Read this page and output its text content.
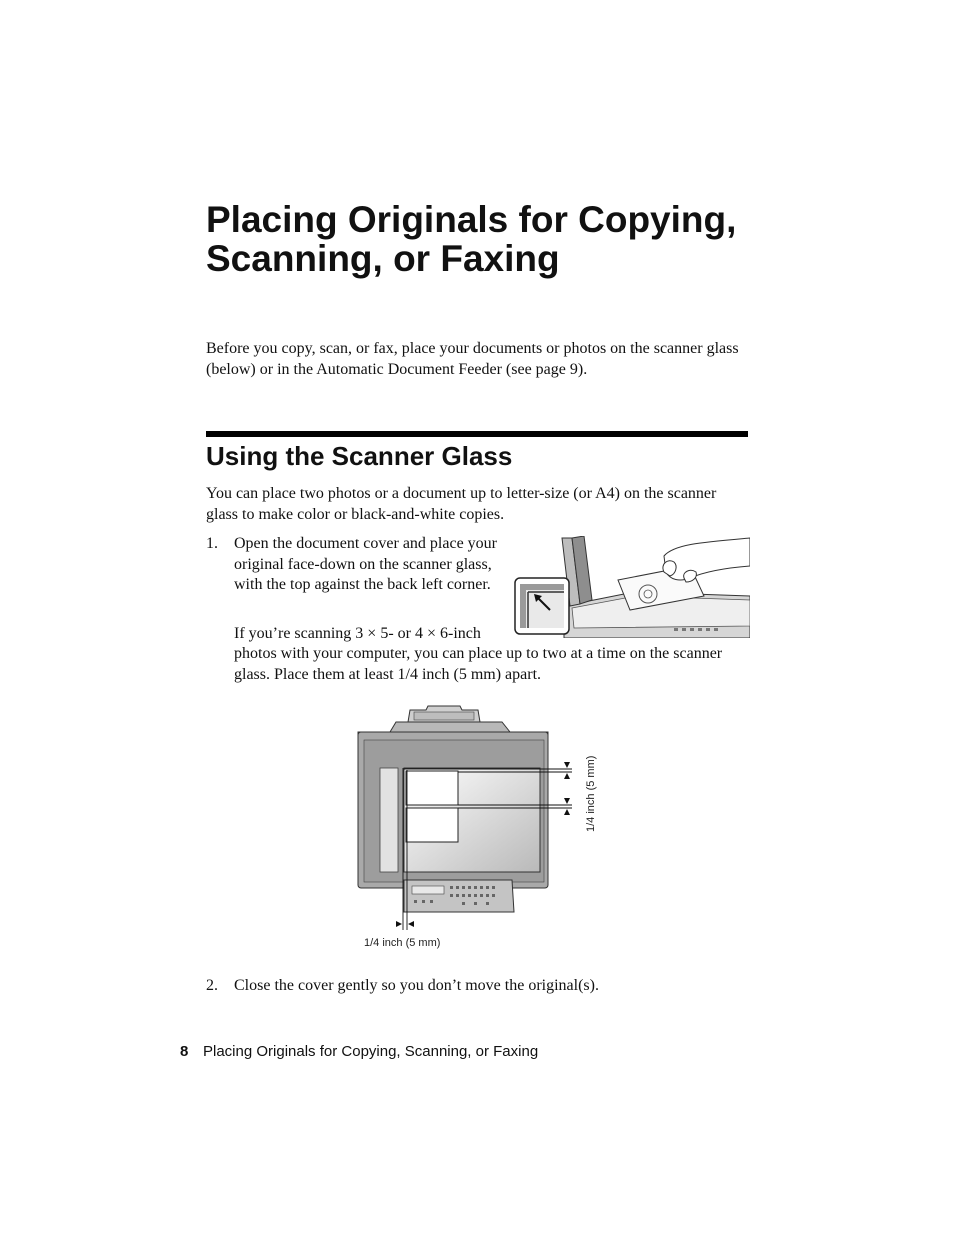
Placing Originals for Copying,
Scanning, or Faxing
Before you copy, scan, or fax, place your documents or photos on the scanner glass (below) or in the Automatic Document Feeder (see page 9).
Using the Scanner Glass
You can place two photos or a document up to letter-size (or A4) on the scanner glass to make color or black-and-white copies.
1. Open the document cover and place your original face-down on the scanner glass, with the top against the back left corner.
If you’re scanning 3 × 5- or 4 × 6-inch
photos with your computer, you can place up to two at a time on the scanner glass. Place them at least 1/4 inch (5 mm) apart.
1/4 inch (5 mm)
1/4 inch (5 mm)
2. Close the cover gently so you don’t move the original(s).
8 Placing Originals for Copying, Scanning, or Faxing
